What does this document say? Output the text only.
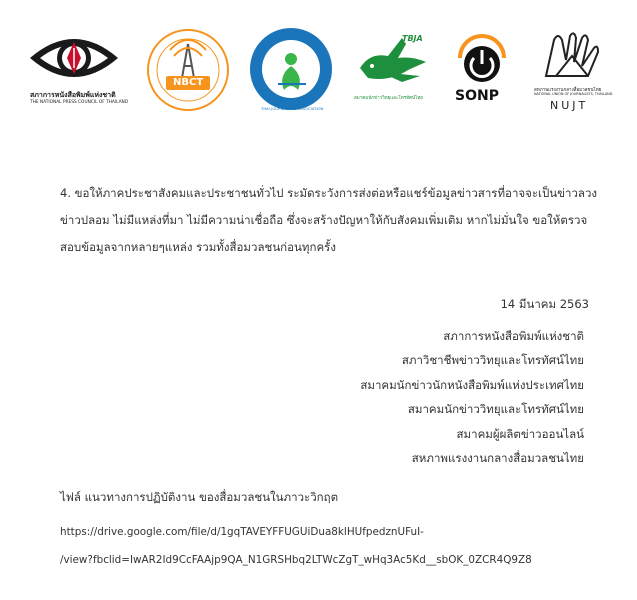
สภาการหนังสือพิมพ์แห่งชาติ
THE NATIONAL PRESS COUNCIL OF THAILAND
NBCT
THAI JOURNALISTS ASSOCIATION
TBJA
สมาคมนักข่าววิทยุและโทรทัศน์ไทย SONP	สหภาพแรงงานกลางสื่อมวลชนไทย
NATIONAL UNION OF JOURNALISTS, THAILAND
NUJT
4. ขอให้ภาคประชาสังคมและประชาชนทั่วไป ระมัดระวังการส่งต่อหรือแชร์ข้อมูลข่าวสารที่อาจจะเป็นข่าวลวง ข่าวปลอม ไม่มีแหล่งที่มา ไม่มีความน่าเชื่อถือ ซึ่งจะสร้างปัญหาให้กับสังคมเพิ่มเติม หากไม่มั่นใจ ขอให้ตรวจสอบข้อมูลจากหลายๆแหล่ง รวมทั้งสื่อมวลชนก่อนทุกครั้ง
14 มีนาคม 2563
สภาการหนังสือพิมพ์แห่งชาติ
สภาวิชาชีพข่าววิทยุและโทรทัศน์ไทย
สมาคมนักข่าวนักหนังสือพิมพ์แห่งประเทศไทย
สมาคมนักข่าววิทยุและโทรทัศน์ไทย
สมาคมผู้ผลิตข่าวออนไลน์
สหภาพแรงงานกลางสื่อมวลชนไทย
ไฟล์ แนวทางการปฏิบัติงาน ของสื่อมวลชนในภาวะวิกฤต
https://drive.google.com/file/d/1gqTAVEYFFUGUiDua8klHUfpedznUFuI-
/view?fbclid=IwAR2Id9CcFAAjp9QA_N1GRSHbq2LTWcZgT_wHq3Ac5Kd__sbOK_0ZCR4Q9Z8
